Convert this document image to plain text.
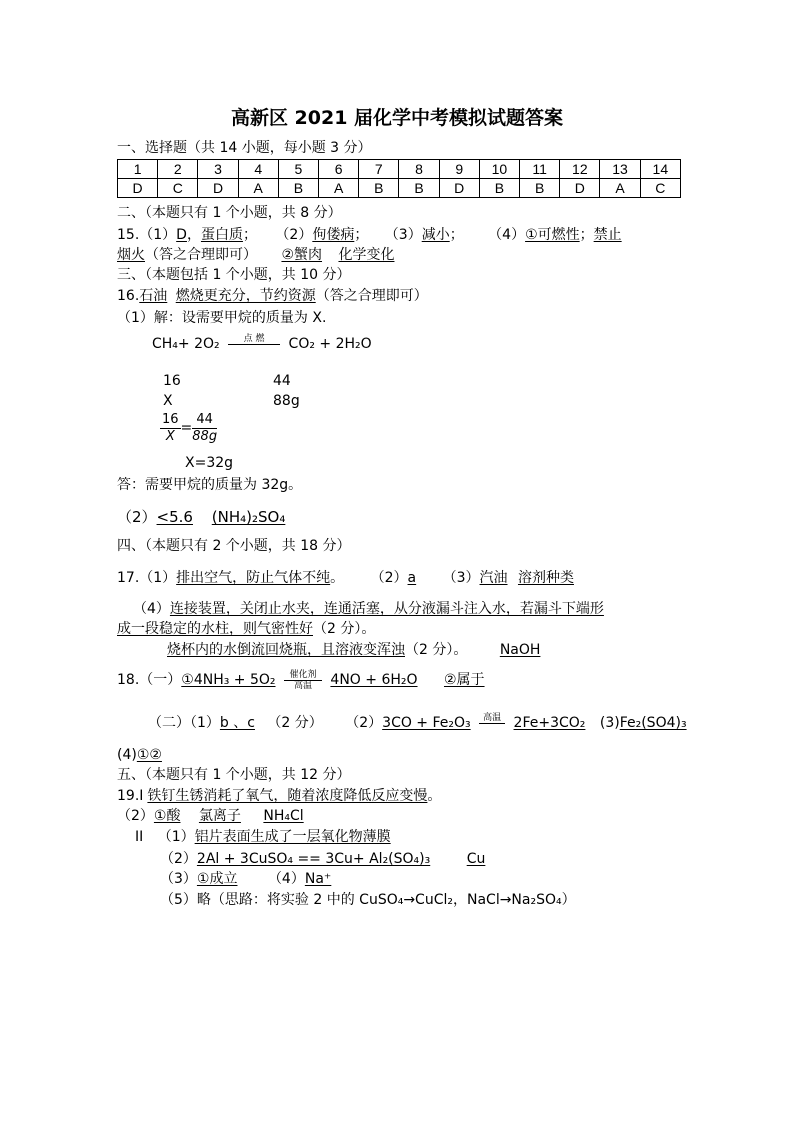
高新区 2021 届化学中考模拟试题答案
一、选择题（共 14 小题，每小题 3 分）
1	2	3	4	5	6	7	8	9	10	11	12	13	14
D	C	D	A	B	A	B	B	D	B	B	D	A	C
二、（本题只有 1 个小题，共 8 分）
15.（1）D，蛋白质； （2）佝偻病； （3）减小； （4）①可燃性；禁止
烟火（答之合理即可） ②蟹肉 化学变化
三、（本题包括 1 个小题，共 10 分）
16.石油 燃烧更充分，节约资源（答之合理即可）
（1）解：设需要甲烷的质量为 X.
CH₄+ 2O₂	点 燃	CO₂ + 2H₂O
16	44
X	88g
$\frac{16}{X} = \frac{44}{88g}$
X=32g
答：需要甲烷的质量为 32g。
（2）<5.6 (NH₄)₂SO₄
四、（本题只有 2 个小题，共 18 分）
17.（1）排出空气，防止气体不纯。 （2）a （3）汽油 溶剂种类
（4）连接装置，关闭止水夹，连通活塞，从分液漏斗注入水，若漏斗下端形
成一段稳定的水柱，则气密性好（2 分）。
烧杯内的水倒流回烧瓶，且溶液变浑浊（2 分）。 NaOH
18.（一）①4NH₃ + 5O₂	催化剂
高温	4NO + 6H₂O ②属于
（二）（1）b 、c （2 分） （2）3CO + Fe₂O₃	高温 2Fe+3CO₂ (3)Fe₂(SO4)₃
(4)①②
五、（本题只有 1 个小题，共 12 分）
19.I 铁钉生锈消耗了氧气，随着浓度降低反应变慢。
（2）①酸 氯离子 NH₄Cl
II （1）铝片表面生成了一层氧化物薄膜
（2）2Al + 3CuSO₄ == 3Cu+ Al₂(SO₄)₃	Cu
（3）①成立 （4）Na⁺
（5）略（思路：将实验 2 中的 CuSO₄→CuCl₂，NaCl→Na₂SO₄）
